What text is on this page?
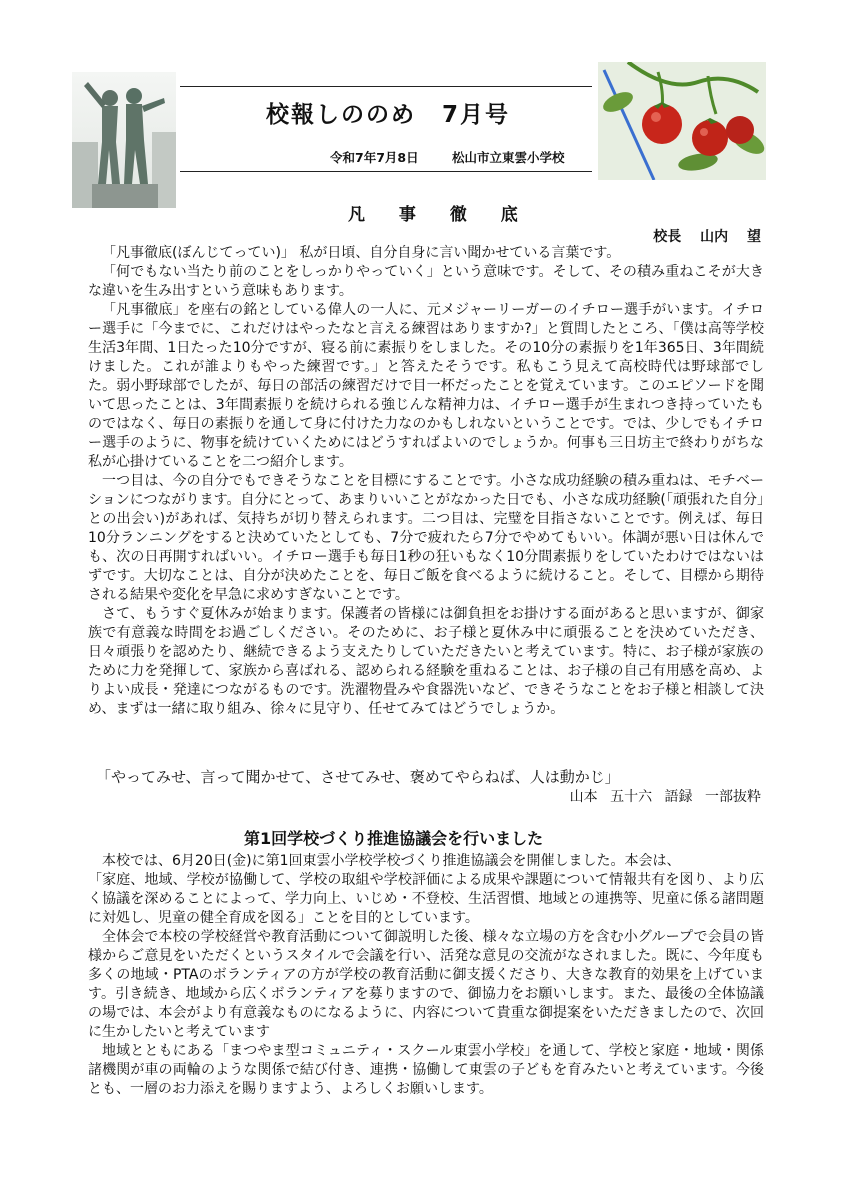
校報しののめ 7月号
令和7年7月8日	松山市立東雲小学校
凡 事 徹 底
校長 山内 望

「凡事徹底(ぼんじてってい)」 私が日頃、自分自身に言い聞かせている言葉です。

「何でもない当たり前のことをしっかりやっていく」という意味です。そして、その積み重ねこそが大きな違いを生み出すという意味もあります。

「凡事徹底」を座右の銘としている偉人の一人に、元メジャーリーガーのイチロー選手がいます。イチロー選手に「今までに、これだけはやったなと言える練習はありますか?」と質問したところ、「僕は高等学校生活3年間、1日たった10分ですが、寝る前に素振りをしました。その10分の素振りを1年365日、3年間続けました。これが誰よりもやった練習です。」と答えたそうです。私もこう見えて高校時代は野球部でした。弱小野球部でしたが、毎日の部活の練習だけで目一杯だったことを覚えています。このエピソードを聞いて思ったことは、3年間素振りを続けられる強じんな精神力は、イチロー選手が生まれつき持っていたものではなく、毎日の素振りを通して身に付けた力なのかもしれないということです。では、少しでもイチロー選手のように、物事を続けていくためにはどうすればよいのでしょうか。何事も三日坊主で終わりがちな私が心掛けていることを二つ紹介します。

一つ目は、今の自分でもできそうなことを目標にすることです。小さな成功経験の積み重ねは、モチベーションにつながります。自分にとって、あまりいいことがなかった日でも、小さな成功経験(「頑張れた自分」との出会い)があれば、気持ちが切り替えられます。二つ目は、完璧を目指さないことです。例えば、毎日10分ランニングをすると決めていたとしても、7分で疲れたら7分でやめてもいい。体調が悪い日は休んでも、次の日再開すればいい。イチロー選手も毎日1秒の狂いもなく10分間素振りをしていたわけではないはずです。大切なことは、自分が決めたことを、毎日ご飯を食べるように続けること。そして、目標から期待される結果や変化を早急に求めすぎないことです。

さて、もうすぐ夏休みが始まります。保護者の皆様には御負担をお掛けする面があると思いますが、御家族で有意義な時間をお過ごしください。そのために、お子様と夏休み中に頑張ることを決めていただき、日々頑張りを認めたり、継続できるよう支えたりしていただきたいと考えています。特に、お子様が家族のために力を発揮して、家族から喜ばれる、認められる経験を重ねることは、お子様の自己有用感を高め、よりよい成長・発達につながるものです。洗濯物畳みや食器洗いなど、できそうなことをお子様と相談して決め、まずは一緒に取り組み、徐々に見守り、任せてみてはどうでしょうか。

「やってみせ、言って聞かせて、させてみせ、褒めてやらねば、人は動かじ」
山本 五十六 語録 一部抜粋
第1回学校づくり推進協議会を行いました

本校では、6月20日(金)に第1回東雲小学校学校づくり推進協議会を開催しました。本会は、

「家庭、地域、学校が協働して、学校の取組や学校評価による成果や課題について情報共有を図り、より広く協議を深めることによって、学力向上、いじめ・不登校、生活習慣、地域との連携等、児童に係る諸問題に対処し、児童の健全育成を図る」ことを目的としています。

全体会で本校の学校経営や教育活動について御説明した後、様々な立場の方を含む小グループで会員の皆様からご意見をいただくというスタイルで会議を行い、活発な意見の交流がなされました。既に、今年度も多くの地域・PTAのボランティアの方が学校の教育活動に御支援くださり、大きな教育的効果を上げています。引き続き、地域から広くボランティアを募りますので、御協力をお願いします。また、最後の全体協議の場では、本会がより有意義なものになるように、内容について貴重な御提案をいただきましたので、次回に生かしたいと考えています

地域とともにある「まつやま型コミュニティ・スクール東雲小学校」を通して、学校と家庭・地域・関係諸機関が車の両輪のような関係で結び付き、連携・協働して東雲の子どもを育みたいと考えています。今後とも、一層のお力添えを賜りますよう、よろしくお願いします。
